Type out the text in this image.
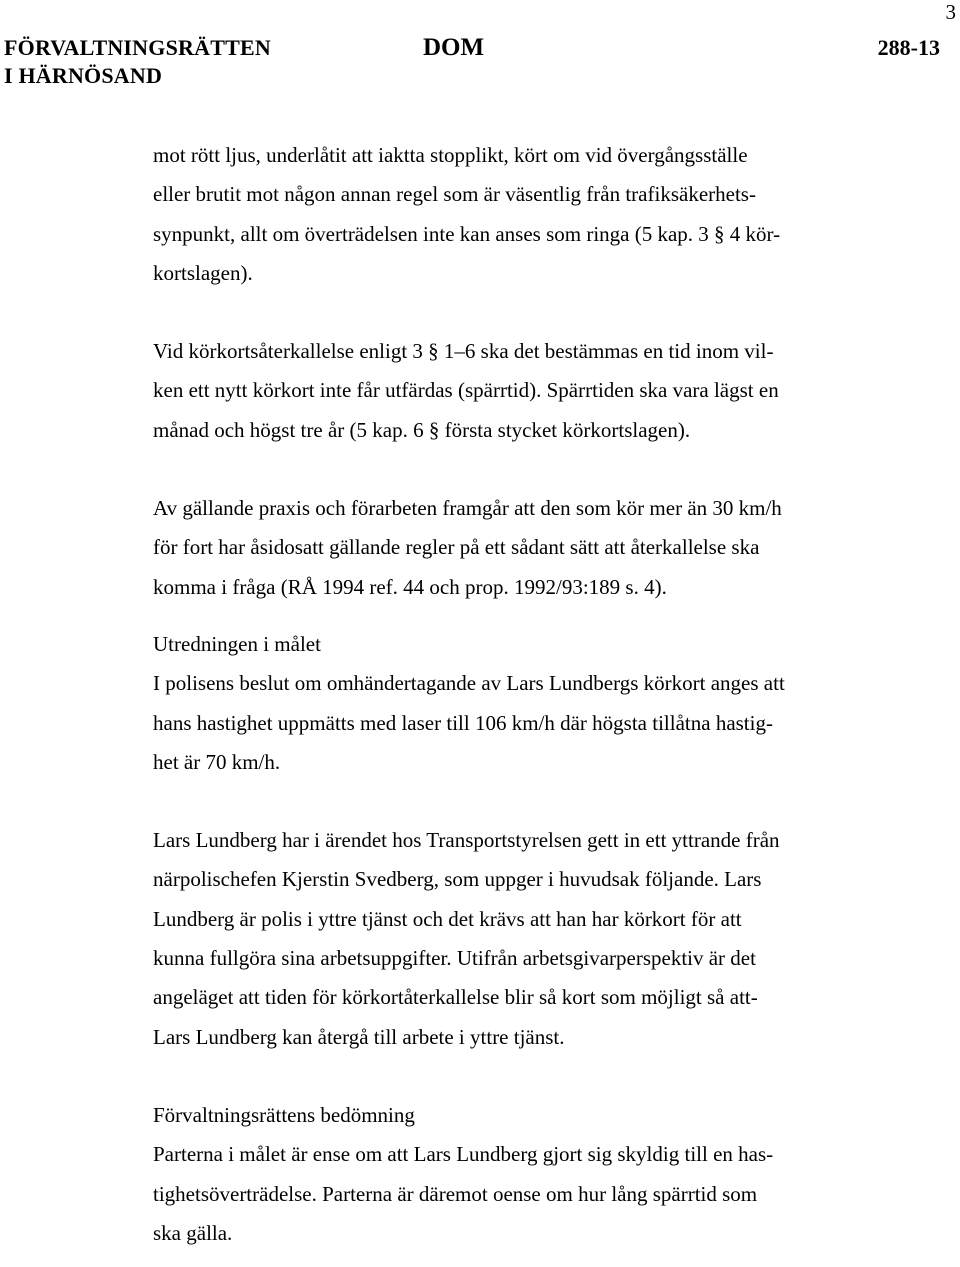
3
FÖRVALTNINGSRÄTTEN
I HÄRNÖSAND
DOM	288-13

mot rött ljus, underlåtit att iaktta stopplikt, kört om vid övergångsställe
eller brutit mot någon annan regel som är väsentlig från trafiksäkerhets-
synpunkt, allt om överträdelsen inte kan anses som ringa (5 kap. 3 § 4 kör-
kortslagen).

Vid körkortsåterkallelse enligt 3 § 1–6 ska det bestämmas en tid inom vil-
ken ett nytt körkort inte får utfärdas (spärrtid). Spärrtiden ska vara lägst en
månad och högst tre år (5 kap. 6 § första stycket körkortslagen).

Av gällande praxis och förarbeten framgår att den som kör mer än 30 km/h
för fort har åsidosatt gällande regler på ett sådant sätt att återkallelse ska
komma i fråga (RÅ 1994 ref. 44 och prop. 1992/93:189 s. 4).

Utredningen i målet
I polisens beslut om omhändertagande av Lars Lundbergs körkort anges att
hans hastighet uppmätts med laser till 106 km/h där högsta tillåtna hastig-
het är 70 km/h.

Lars Lundberg har i ärendet hos Transportstyrelsen gett in ett yttrande från
närpolischefen Kjerstin Svedberg, som uppger i huvudsak följande. Lars
Lundberg är polis i yttre tjänst och det krävs att han har körkort för att
kunna fullgöra sina arbetsuppgifter. Utifrån arbetsgivarperspektiv är det
angeläget att tiden för körkortåterkallelse blir så kort som möjligt så att-
Lars Lundberg kan återgå till arbete i yttre tjänst.

Förvaltningsrättens bedömning
Parterna i målet är ense om att Lars Lundberg gjort sig skyldig till en has-
tighetsöverträdelse. Parterna är däremot oense om hur lång spärrtid som
ska gälla.
